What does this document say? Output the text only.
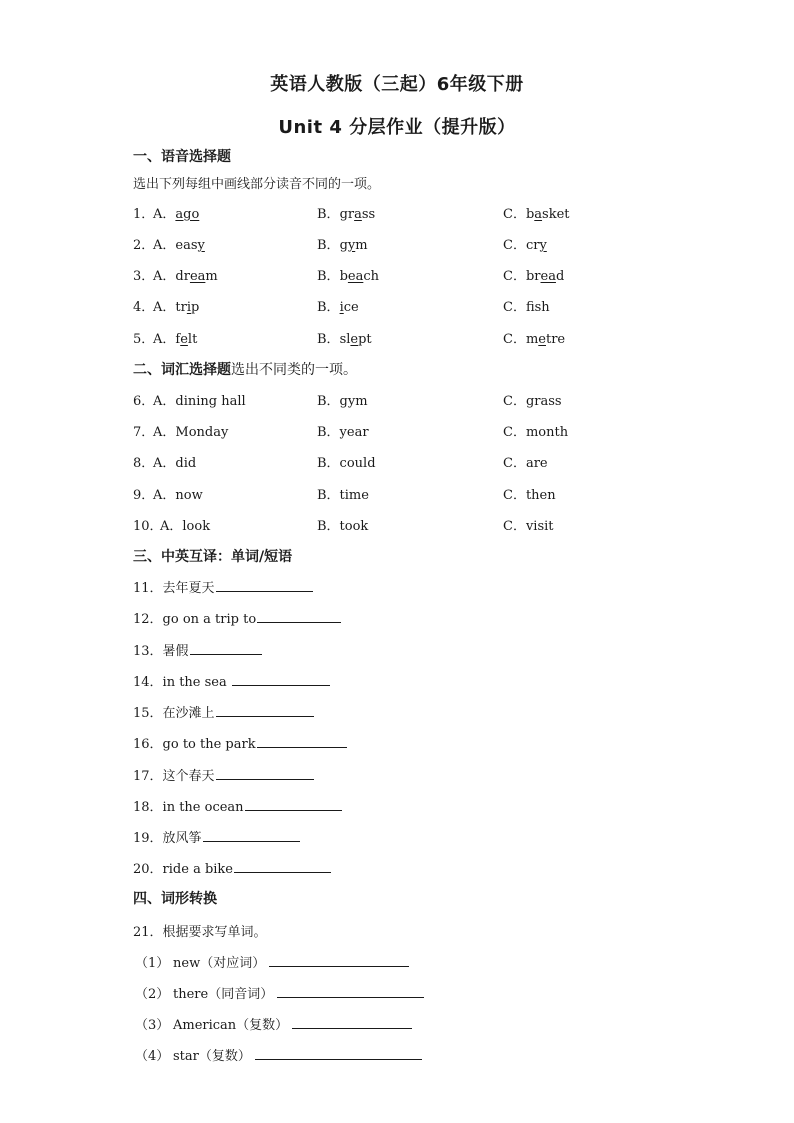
英语人教版（三起）6年级下册
Unit 4 分层作业（提升版）
一、语音选择题
选出下列每组中画线部分读音不同的一项。
1．
A．ago	B．grass	C．basket
2．
A．easy	B．gym	C．cry
3．
A．dream	B．beach	C．bread
4．
A．trip	B．ice	C．fsh
5．
A．felt	B．slept	C．metre
二、词汇选择题选出不同类的一项。
6．
A．dining hall	B．gym	C．grass
7．
A．Monday	B．year	C．month
8．
A．did	B．could	C．are
9．
A．now	B．time	C．then
10．
A．look	B．took	C．visit
三、中英互译：单词/短语
11．去年夏天
12．go on a trip to
13．暑假
14．in the sea
15．在沙滩上
16．go to the park
17．这个春天
18．in the ocean
19．放风筝
20．ride a bike
四、词形转换
21．根据要求写单词。
（1） new（对应词）
（2） there（同音词）
（3） American（复数）
（4） star（复数）
